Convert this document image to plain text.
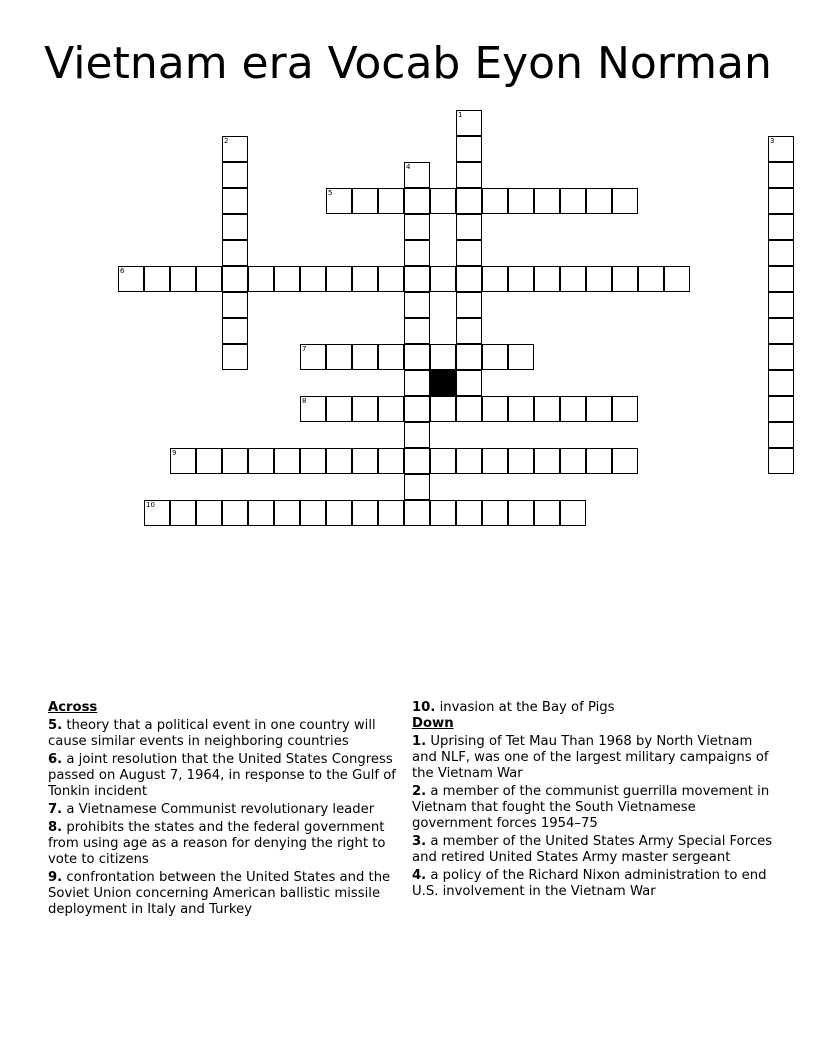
Vietnam era Vocab Eyon Norman
1
2	3
4
5
6
7
8
9
10
Across
5. theory that a political event in one country will cause similar events in neighboring countries
6. a joint resolution that the United States Congress passed on August 7, 1964, in response to the Gulf of Tonkin incident
7. a Vietnamese Communist revolutionary leader
8. prohibits the states and the federal government from using age as a reason for denying the right to vote to citizens
9. confrontation between the United States and the Soviet Union concerning American ballistic missile deployment in Italy and Turkey
10. invasion at the Bay of Pigs
Down
1. Uprising of Tet Mau Than 1968 by North Vietnam and NLF, was one of the largest military campaigns of the Vietnam War
2. a member of the communist guerrilla movement in Vietnam that fought the South Vietnamese government forces 1954–75
3. a member of the United States Army Special Forces and retired United States Army master sergeant
4. a policy of the Richard Nixon administration to end U.S. involvement in the Vietnam War
